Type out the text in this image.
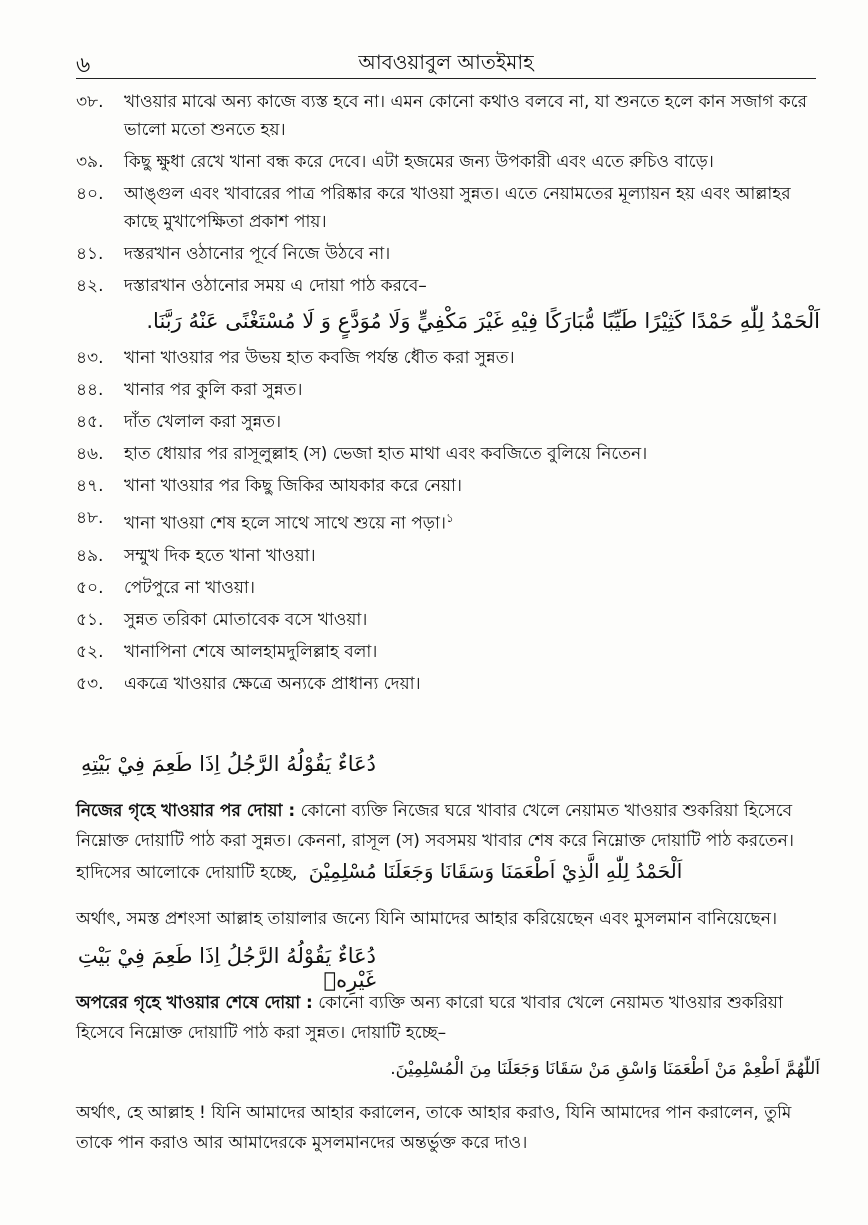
৬	আবওয়াবুল আতইমাহ
৩৮.	খাওয়ার মাঝে অন্য কাজে ব্যস্ত হবে না। এমন কোনো কথাও বলবে না, যা শুনতে হলে কান সজাগ করে ভালো মতো শুনতে হয়।
৩৯.	কিছু ক্ষুধা রেখে খানা বন্ধ করে দেবে। এটা হজমের জন্য উপকারী এবং এতে রুচিও বাড়ে।
৪০.	আঙ্গুল এবং খাবারের পাত্র পরিষ্কার করে খাওয়া সুন্নত। এতে নেয়ামতের মূল্যায়ন হয় এবং আল্লাহর কাছে মুখাপেক্ষিতা প্রকাশ পায়।
৪১.	দস্তরখান ওঠানোর পূর্বে নিজে উঠবে না।
৪২.	দস্তারখান ওঠানোর সময় এ দোয়া পাঠ করবে–
اَلْحَمْدُ لِلّٰهِ حَمْدًا كَثِيْرًا طَيِّبًا مُّبَارَكًا فِيْهِ غَيْرَ مَكْفِيٍّ وَلَا مُوَدَّعٍ وَ لَا مُسْتَغْنًى عَنْهُ رَبَّنَا.
৪৩.	খানা খাওয়ার পর উভয় হাত কবজি পর্যন্ত ধৌত করা সুন্নত।
৪৪.	খানার পর কুলি করা সুন্নত।
৪৫.	দাঁত খেলাল করা সুন্নত।
৪৬.	হাত ধোয়ার পর রাসূলুল্লাহ (স) ভেজা হাত মাথা এবং কবজিতে বুলিয়ে নিতেন।
৪৭.	খানা খাওয়ার পর কিছু জিকির আযকার করে নেয়া।
৪৮.	খানা খাওয়া শেষ হলে সাথে সাথে শুয়ে না পড়া।$^১$
৪৯.	সম্মুখ দিক হতে খানা খাওয়া।
৫০.	পেটপুরে না খাওয়া।
৫১.	সুন্নত তরিকা মোতাবেক বসে খাওয়া।
৫২.	খানাপিনা শেষে আলহামদুলিল্লাহ বলা।
৫৩.	একত্রে খাওয়ার ক্ষেত্রে অন্যকে প্রাধান্য দেয়া।
دُعَاءٌ يَقُوْلُهُ الرَّجُلُ اِذَا طَعِمَ فِيْ بَيْتِهِ
নিজের গৃহে খাওয়ার পর দোয়া : কোনো ব্যক্তি নিজের ঘরে খাবার খেলে নেয়ামত খাওয়ার শুকরিয়া হিসেবে নিম্নোক্ত দোয়াটি পাঠ করা সুন্নত। কেননা, রাসূল (স) সবসময় খাবার শেষ করে নিম্নোক্ত দোয়াটি পাঠ করতেন। হাদিসের আলোকে দোয়াটি হচ্ছে, اَلْحَمْدُ لِلّٰهِ الَّذِيْ اَطْعَمَنَا وَسَقَانَا وَجَعَلَنَا مُسْلِمِيْنَ
অর্থাৎ, সমস্ত প্রশংসা আল্লাহ তায়ালার জন্যে যিনি আমাদের আহার করিয়েছেন এবং মুসলমান বানিয়েছেন।
دُعَاءٌ يَقُوْلُهُ الرَّجُلُ اِذَا طَعِمَ فِيْ بَيْتِ غَيْرِهٖ
অপরের গৃহে খাওয়ার শেষে দোয়া : কোনো ব্যক্তি অন্য কারো ঘরে খাবার খেলে নেয়ামত খাওয়ার শুকরিয়া হিসেবে নিম্নোক্ত দোয়াটি পাঠ করা সুন্নত। দোয়াটি হচ্ছে–
اَللّٰهُمَّ اَطْعِمْ مَنْ اَطْعَمَنَا وَاسْقِ مَنْ سَقَانَا وَجَعَلَنَا مِنَ الْمُسْلِمِيْنَ.
অর্থাৎ, হে আল্লাহ ! যিনি আমাদের আহার করালেন, তাকে আহার করাও, যিনি আমাদের পান করালেন, তুমি তাকে পান করাও আর আমাদেরকে মুসলমানদের অন্তর্ভুক্ত করে দাও।
